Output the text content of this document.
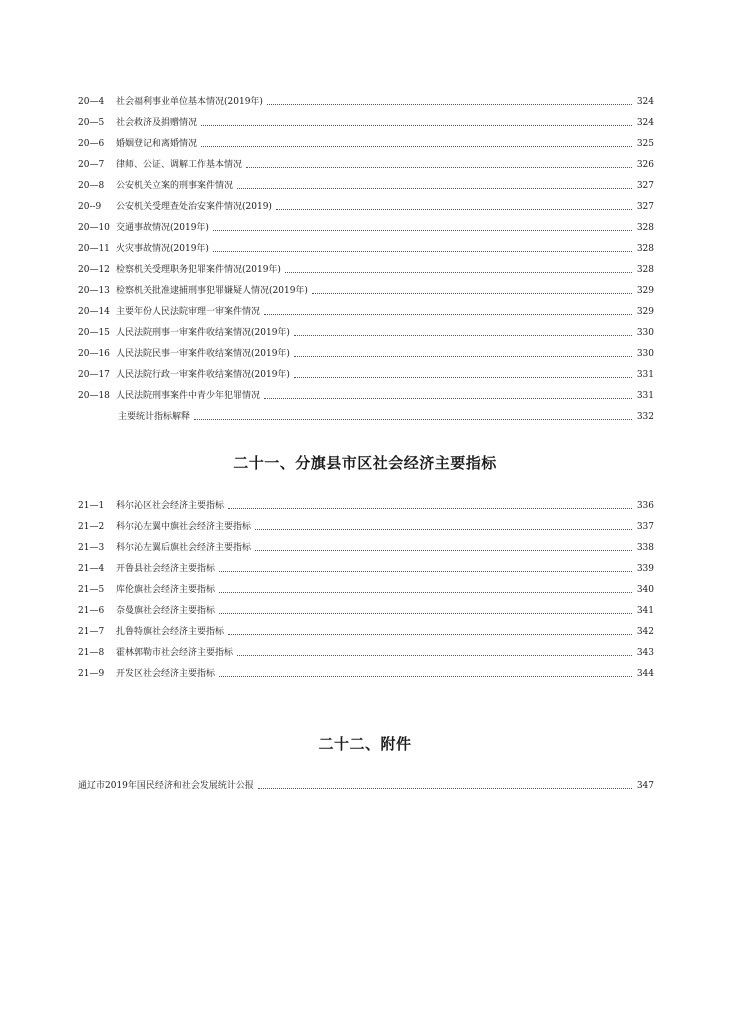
20—4	社会福利事业单位基本情况(2019年)	324
20—5	社会救济及捐赠情况	324
20—6	婚姻登记和离婚情况	325
20—7	律师、公证、调解工作基本情况	326
20—8	公安机关立案的刑事案件情况	327
20--9	公安机关受理查处治安案件情况(2019)	327
20—10 交通事故情况(2019年)	328
20—11 火灾事故情况(2019年)	328
20—12 检察机关受理职务犯罪案件情况(2019年)	328
20—13 检察机关批准逮捕刑事犯罪嫌疑人情况(2019年)	329
20—14 主要年份人民法院审理一审案件情况	329
20—15 人民法院刑事一审案件收结案情况(2019年)	330
20—16 人民法院民事一审案件收结案情况(2019年)	330
20—17 人民法院行政一审案件收结案情况(2019年)	331
20—18 人民法院刑事案件中青少年犯罪情况	331
主要统计指标解释	332
二十一、分旗县市区社会经济主要指标
21—1	科尔沁区社会经济主要指标	336
21—2	科尔沁左翼中旗社会经济主要指标	337
21—3	科尔沁左翼后旗社会经济主要指标	338
21—4	开鲁县社会经济主要指标	339
21—5	库伦旗社会经济主要指标	340
21—6	奈曼旗社会经济主要指标	341
21—7	扎鲁特旗社会经济主要指标	342
21—8	霍林郭勒市社会经济主要指标	343
21—9	开发区社会经济主要指标	344
二十二、附件
通辽市2019年国民经济和社会发展统计公报	347
